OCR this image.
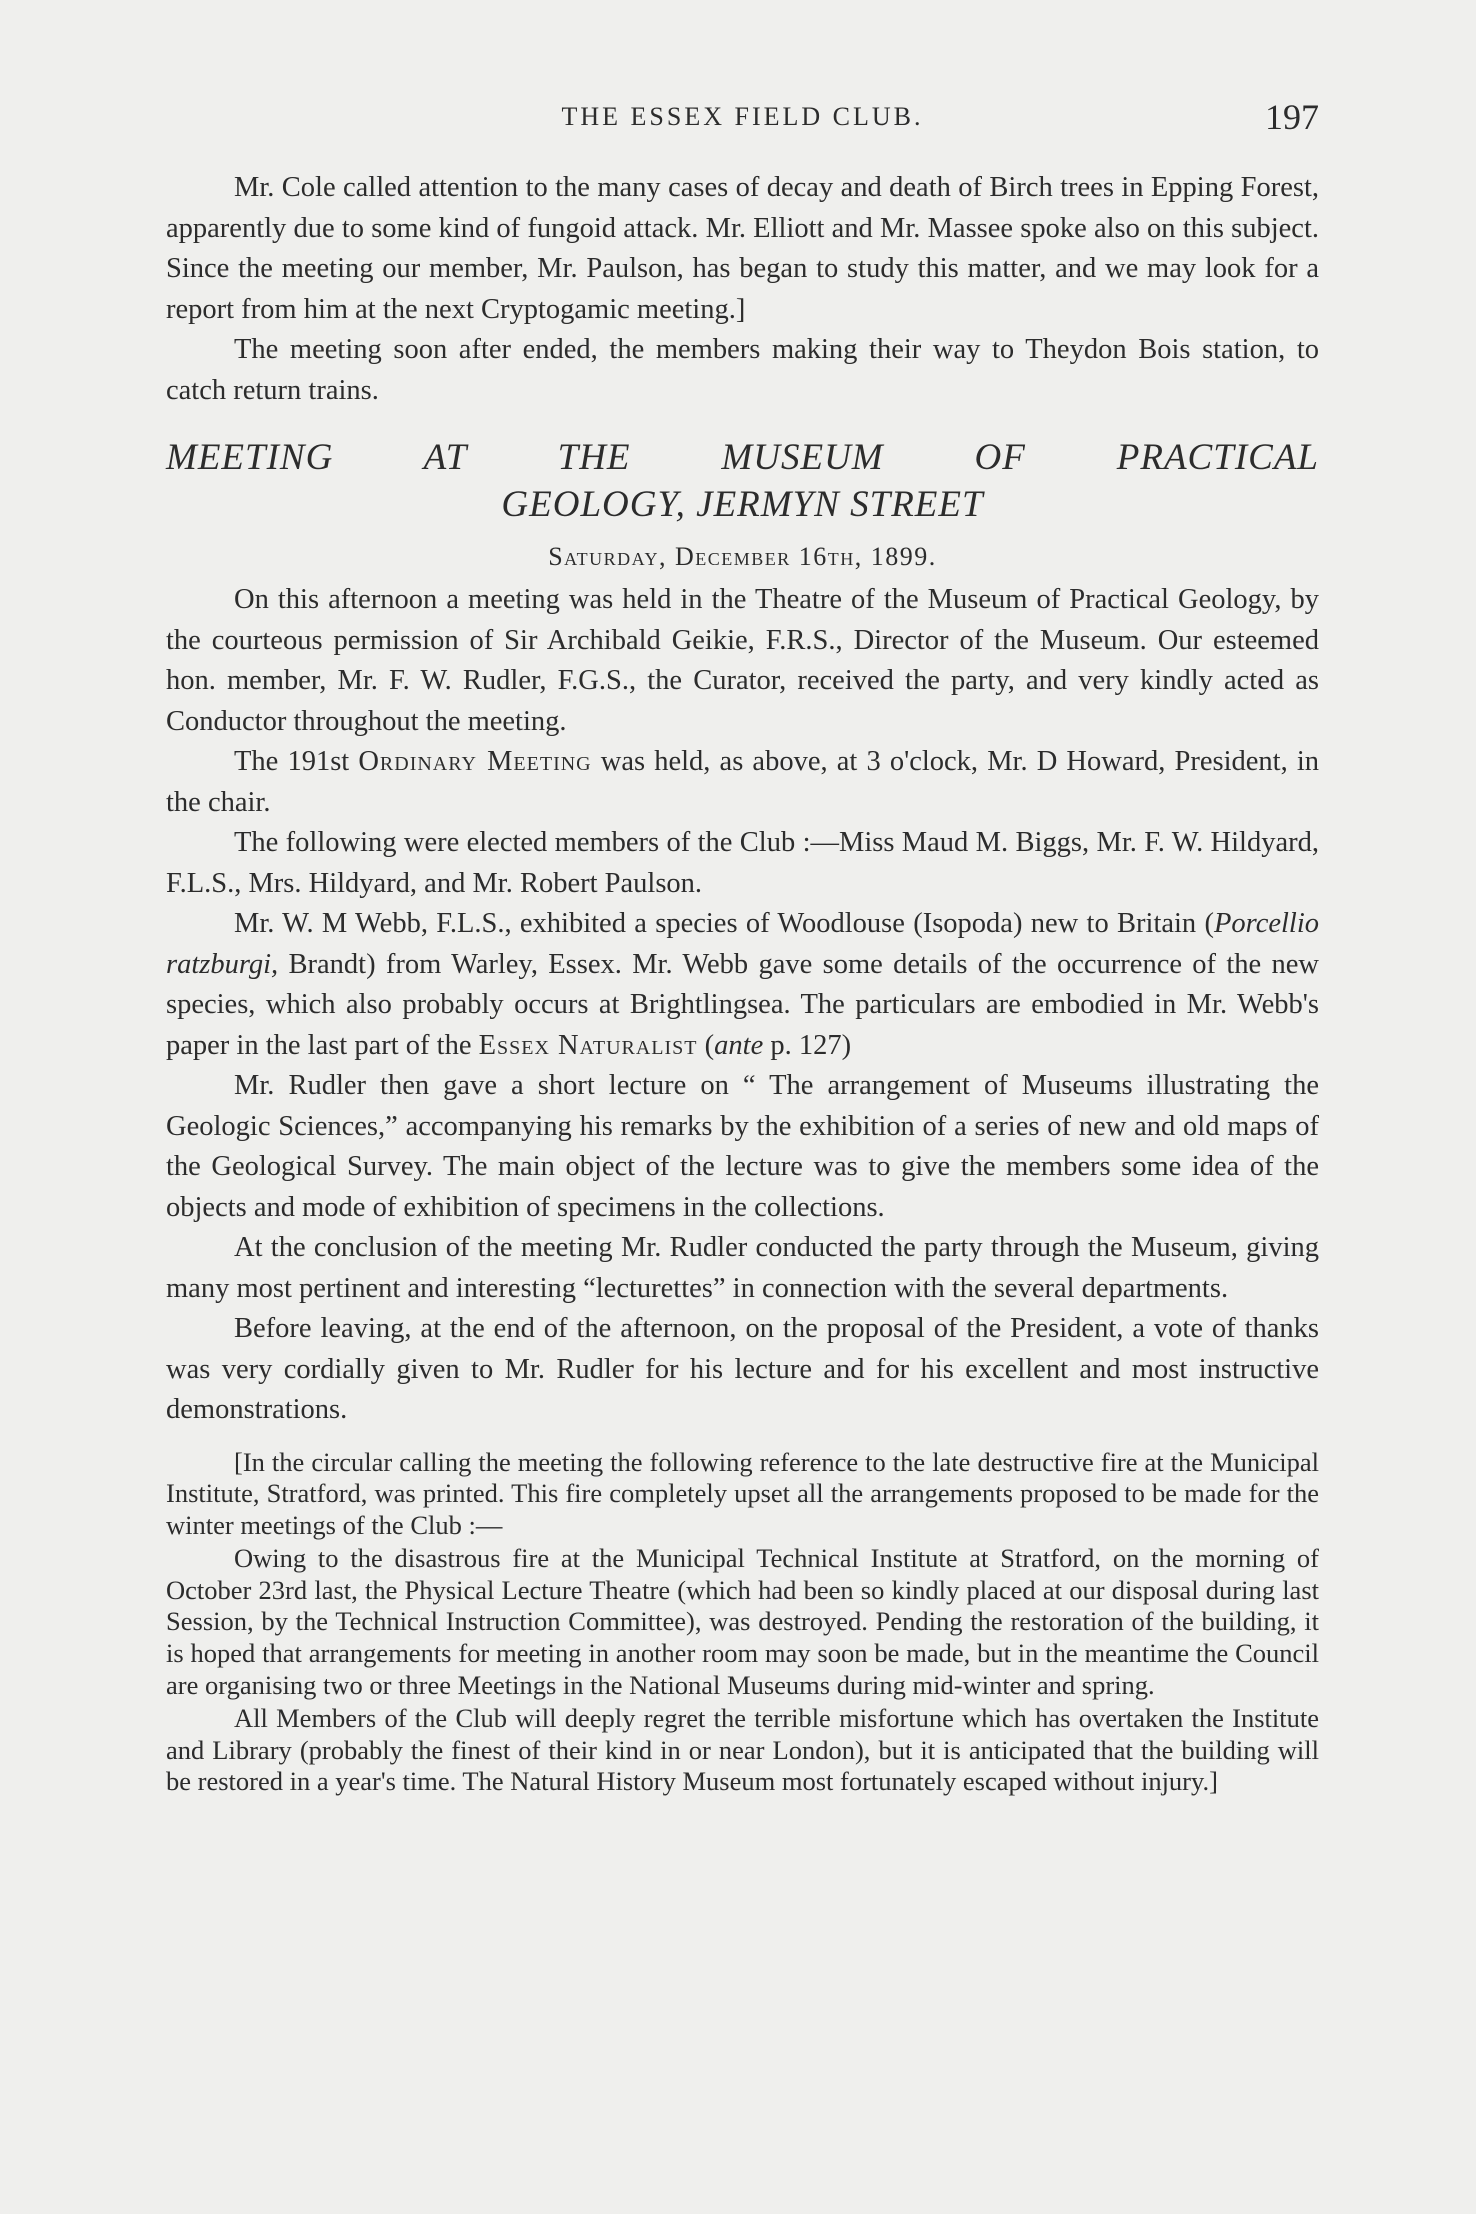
THE ESSEX FIELD CLUB.	197

Mr. Cole called attention to the many cases of decay and death of Birch trees in Epping Forest, apparently due to some kind of fungoid attack. Mr. Elliott and Mr. Massee spoke also on this subject. Since the meeting our member, Mr. Paulson, has began to study this matter, and we may look for a report from him at the next Cryptogamic meeting.]

The meeting soon after ended, the members making their way to Theydon Bois station, to catch return trains.

MEETING AT THE MUSEUM OF PRACTICAL
GEOLOGY, JERMYN STREET
Saturday, December 16th, 1899.

On this afternoon a meeting was held in the Theatre of the Museum of Practical Geology, by the courteous permission of Sir Archibald Geikie, F.R.S., Director of the Museum. Our esteemed hon. member, Mr. F. W. Rudler, F.G.S., the Curator, received the party, and very kindly acted as Conductor throughout the meeting.

The 191st Ordinary Meeting was held, as above, at 3 o'clock, Mr. D Howard, President, in the chair.

The following were elected members of the Club :—Miss Maud M. Biggs, Mr. F. W. Hildyard, F.L.S., Mrs. Hildyard, and Mr. Robert Paulson.

Mr. W. M Webb, F.L.S., exhibited a species of Woodlouse (Isopoda) new to Britain (Porcellio ratzburgi, Brandt) from Warley, Essex. Mr. Webb gave some details of the occurrence of the new species, which also probably occurs at Brightlingsea. The particulars are embodied in Mr. Webb's paper in the last part of the Essex Naturalist (ante p. 127)

Mr. Rudler then gave a short lecture on “ The arrangement of Museums illustrating the Geologic Sciences,” accompanying his remarks by the exhibition of a series of new and old maps of the Geological Survey. The main object of the lecture was to give the members some idea of the objects and mode of exhibition of specimens in the collections.

At the conclusion of the meeting Mr. Rudler conducted the party through the Museum, giving many most pertinent and interesting “lecturettes” in connection with the several departments.

Before leaving, at the end of the afternoon, on the proposal of the President, a vote of thanks was very cordially given to Mr. Rudler for his lecture and for his excellent and most instructive demonstrations.

[In the circular calling the meeting the following reference to the late destructive fire at the Municipal Institute, Stratford, was printed. This fire completely upset all the arrangements proposed to be made for the winter meetings of the Club :—

Owing to the disastrous fire at the Municipal Technical Institute at Stratford, on the morning of October 23rd last, the Physical Lecture Theatre (which had been so kindly placed at our disposal during last Session, by the Technical Instruction Committee), was destroyed. Pending the restoration of the building, it is hoped that arrangements for meeting in another room may soon be made, but in the meantime the Council are organising two or three Meetings in the National Museums during mid-winter and spring.

All Members of the Club will deeply regret the terrible misfortune which has overtaken the Institute and Library (probably the finest of their kind in or near London), but it is anticipated that the building will be restored in a year's time. The Natural History Museum most fortunately escaped without injury.]
